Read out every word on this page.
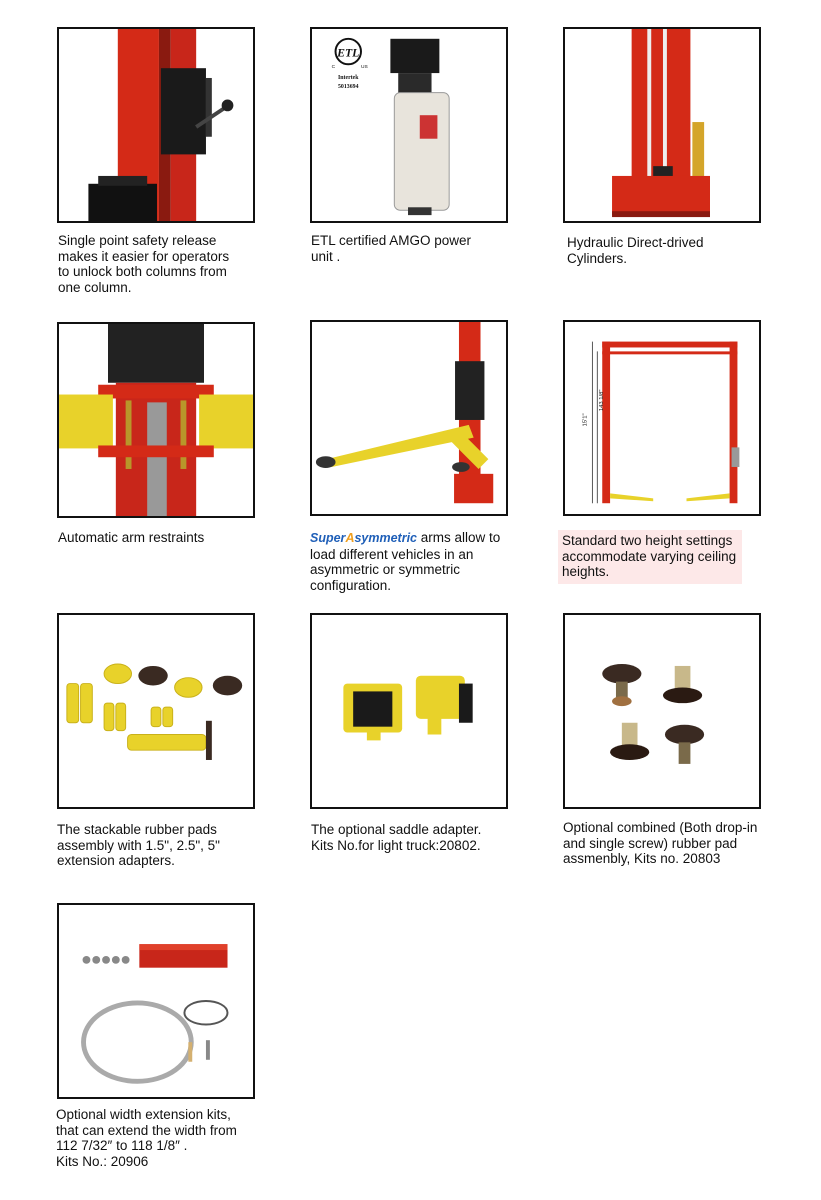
Single point safety release
makes it easier for operators
to unlock both columns from
one column.
ETL
C	US
Intertek
5013694
ETL certified AMGO power
unit .
Hydraulic Direct-drived
Cylinders.
Automatic arm restraints	SuperAsymmetric arms allow to
load different vehicles in an
asymmetric or symmetric
configuration.
15'1"
143 1/8"
Standard two height settings
accommodate varying ceiling
heights.
The stackable rubber pads
assembly with 1.5", 2.5", 5"
extension adapters.
The optional saddle adapter.
Kits No.for light truck:20802.
Optional combined (Both drop-in
and single screw) rubber pad
assmenbly, Kits no. 20803
Optional width extension kits,
that can extend the width from
112 7/32″ to 118 1/8″ .
Kits No.: 20906
